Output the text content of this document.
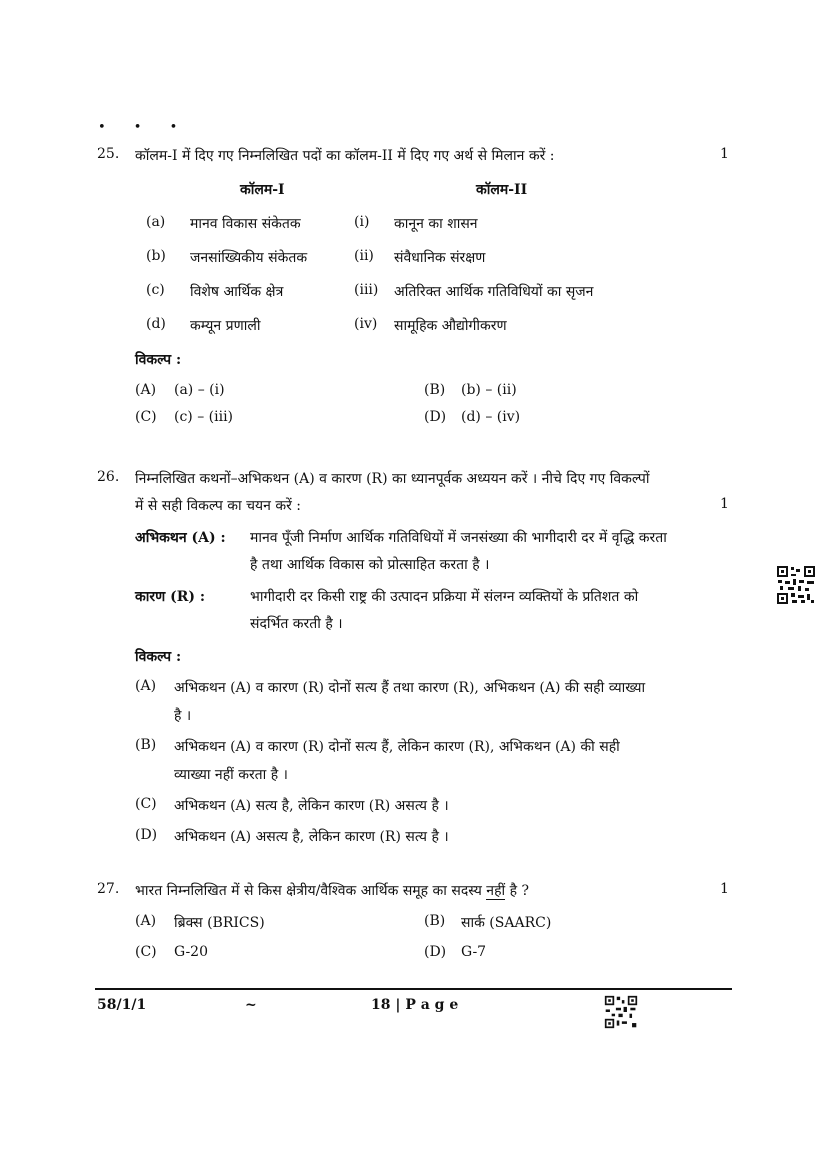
• • •
25. कॉलम-I में दिए गए निम्नलिखित पदों का कॉलम-II में दिए गए अर्थ से मिलान करें :	1
कॉलम-I	कॉलम-II
(a) मानव विकास संकेतक	(i) कानून का शासन
(b) जनसांख्यिकीय संकेतक	(ii) संवैधानिक संरक्षण
(c) विशेष आर्थिक क्षेत्र	(iii) अतिरिक्त आर्थिक गतिविधियों का सृजन
(d) कम्यून प्रणाली	(iv) सामूहिक औद्योगीकरण
विकल्प :
(A) (a) – (i)	(B) (b) – (ii)
(C) (c) – (iii)	(D) (d) – (iv)
26. निम्नलिखित कथनों–अभिकथन (A) व कारण (R) का ध्यानपूर्वक अध्ययन करें । नीचे दिए गए विकल्पों
में से सही विकल्प का चयन करें :	1
अभिकथन (A) : मानव पूँजी निर्माण आर्थिक गतिविधियों में जनसंख्या की भागीदारी दर में वृद्धि करता
है तथा आर्थिक विकास को प्रोत्साहित करता है ।
कारण (R) :	भागीदारी दर किसी राष्ट्र की उत्पादन प्रक्रिया में संलग्न व्यक्तियों के प्रतिशत को
संदर्भित करती है ।
विकल्प :
(A) अभिकथन (A) व कारण (R) दोनों सत्य हैं तथा कारण (R), अभिकथन (A) की सही व्याख्या
है ।
(B) अभिकथन (A) व कारण (R) दोनों सत्य हैं, लेकिन कारण (R), अभिकथन (A) की सही
व्याख्या नहीं करता है ।
(C) अभिकथन (A) सत्य है, लेकिन कारण (R) असत्य है ।
(D) अभिकथन (A) असत्य है, लेकिन कारण (R) सत्य है ।
27. भारत निम्नलिखित में से किस क्षेत्रीय/वैश्विक आर्थिक समूह का सदस्य नहीं है ?	1
(A) ब्रिक्स (BRICS)	(B) सार्क (SAARC)
(C) G-20	(D) G-7
58/1/1	~	18 | P a g e
